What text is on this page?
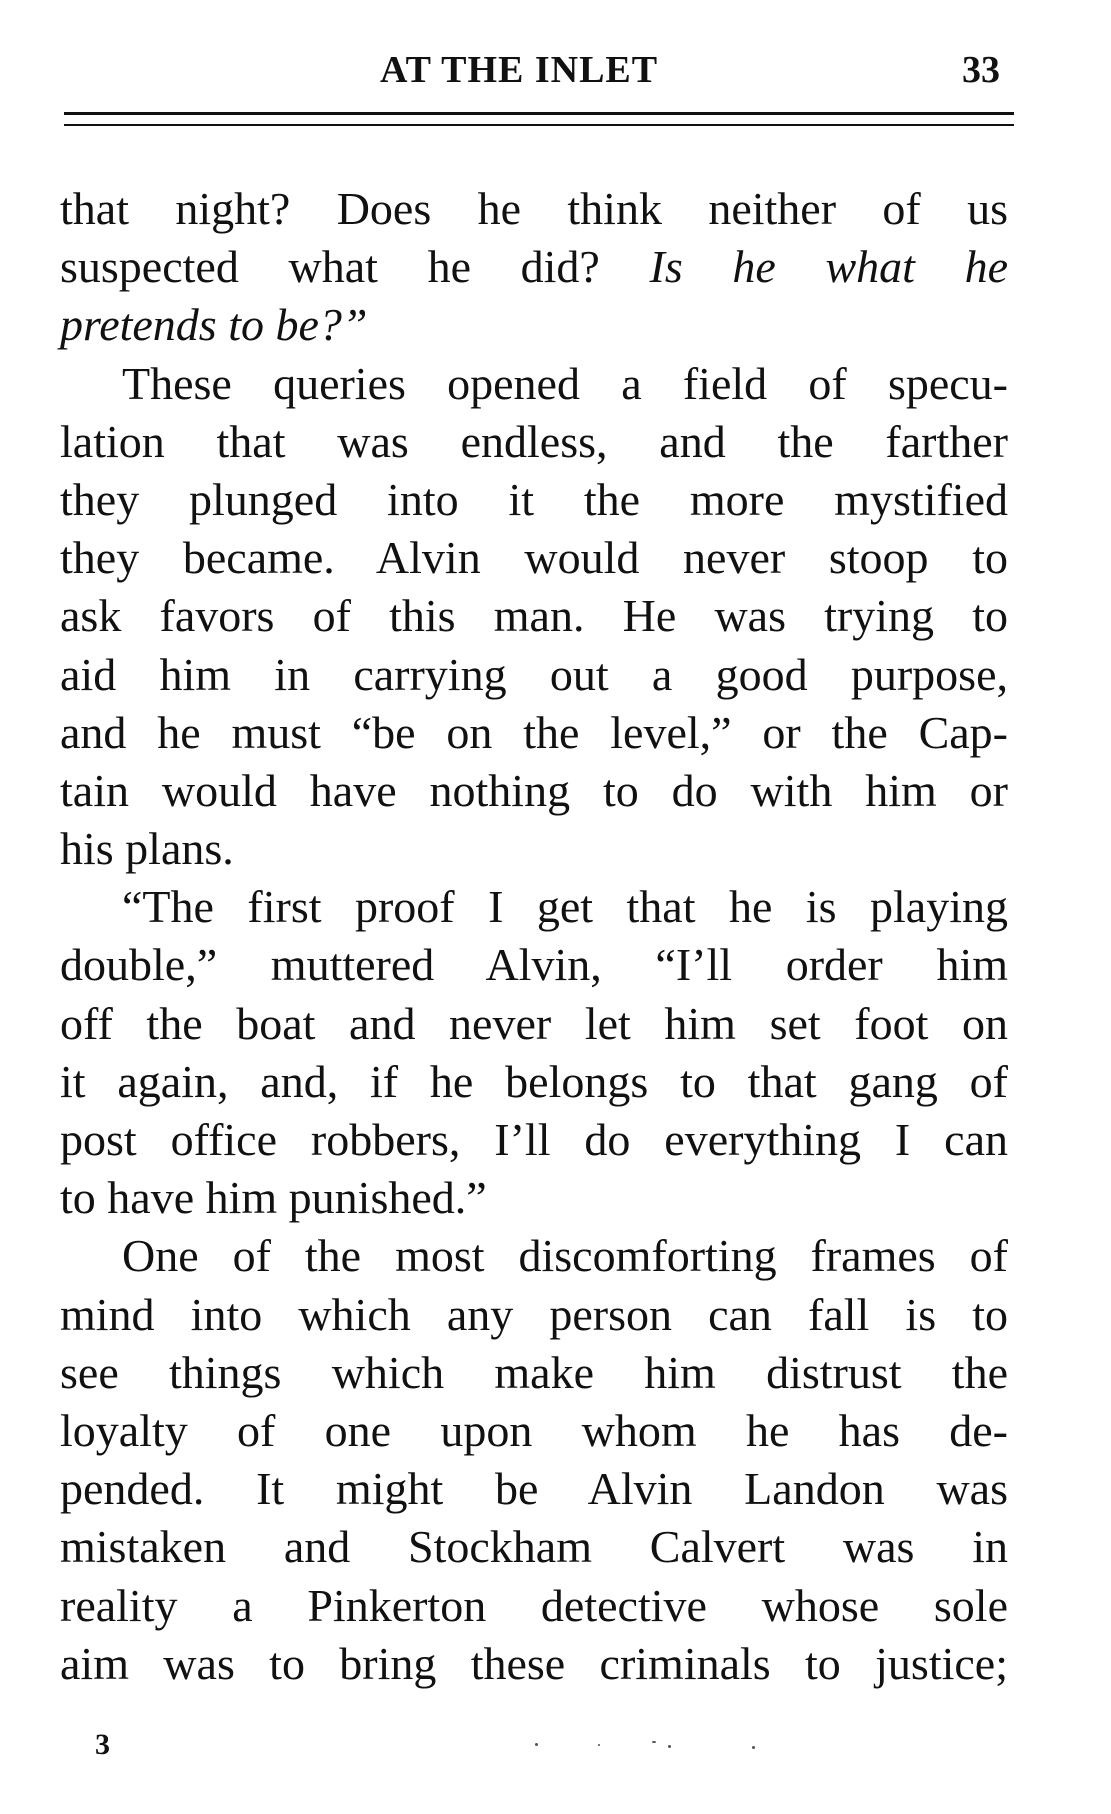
AT THE INLET	33
that night? Does he think neither of us
suspected what he did? Is he what he
pretends to be?”
These queries opened a field of specu-
lation that was endless, and the farther
they plunged into it the more mystified
they became. Alvin would never stoop to
ask favors of this man. He was trying to
aid him in carrying out a good purpose,
and he must “be on the level,” or the Cap-
tain would have nothing to do with him or
his plans.
“The first proof I get that he is playing
double,” muttered Alvin, “I’ll order him
off the boat and never let him set foot on
it again, and, if he belongs to that gang of
post office robbers, I’ll do everything I can
to have him punished.”
One of the most discomforting frames of
mind into which any person can fall is to
see things which make him distrust the
loyalty of one upon whom he has de-
pended. It might be Alvin Landon was
mistaken and Stockham Calvert was in
reality a Pinkerton detective whose sole
aim was to bring these criminals to justice;
3
